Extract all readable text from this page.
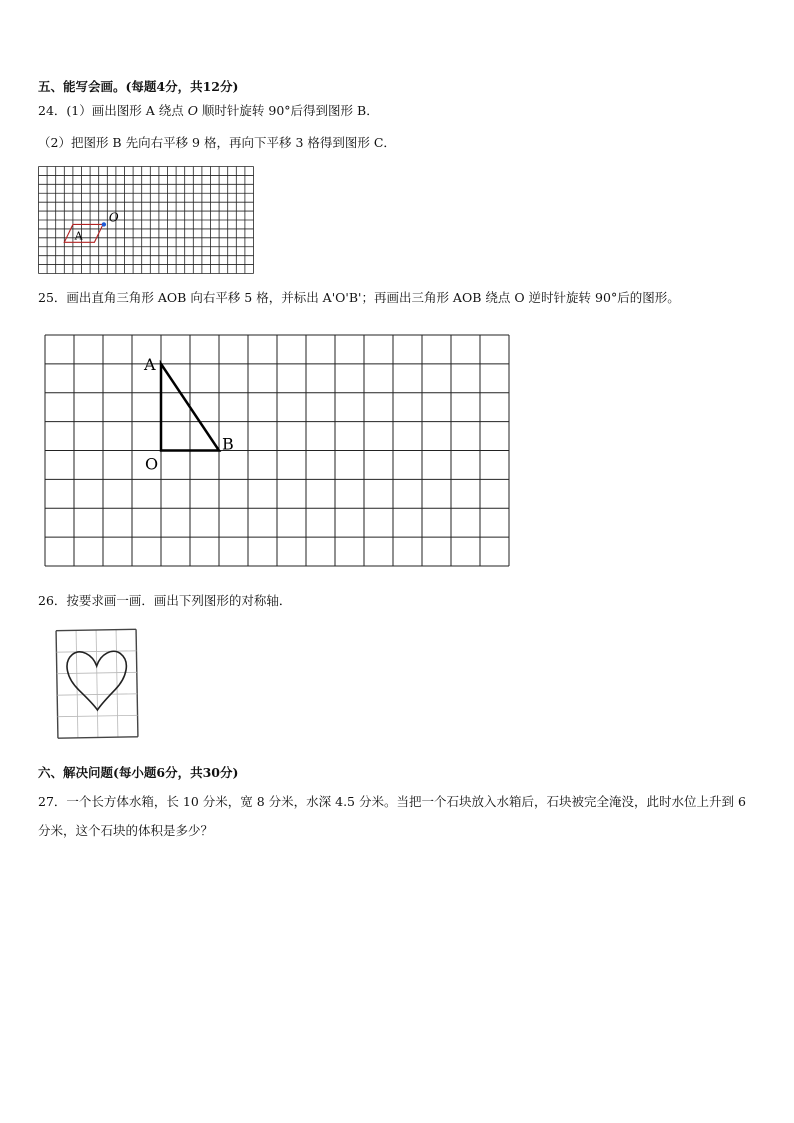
五、能写会画。(每题4分，共12分)
24．(1）画出图形 A 绕点 O 顺时针旋转 90°后得到图形 B．
（2）把图形 B 先向右平移 9 格，再向下平移 3 格得到图形 C．
O
A
25．画出直角三角形 AOB 向右平移 5 格，并标出 A'O'B'；再画出三角形 AOB 绕点 O 逆时针旋转 90°后的图形。
A
O
B
26．按要求画一画．画出下列图形的对称轴．
六、解决问题(每小题6分，共30分)
27．一个长方体水箱，长 10 分米，宽 8 分米，水深 4.5 分米。当把一个石块放入水箱后，石块被完全淹没，此时水位上升到 6 分米，这个石块的体积是多少？
